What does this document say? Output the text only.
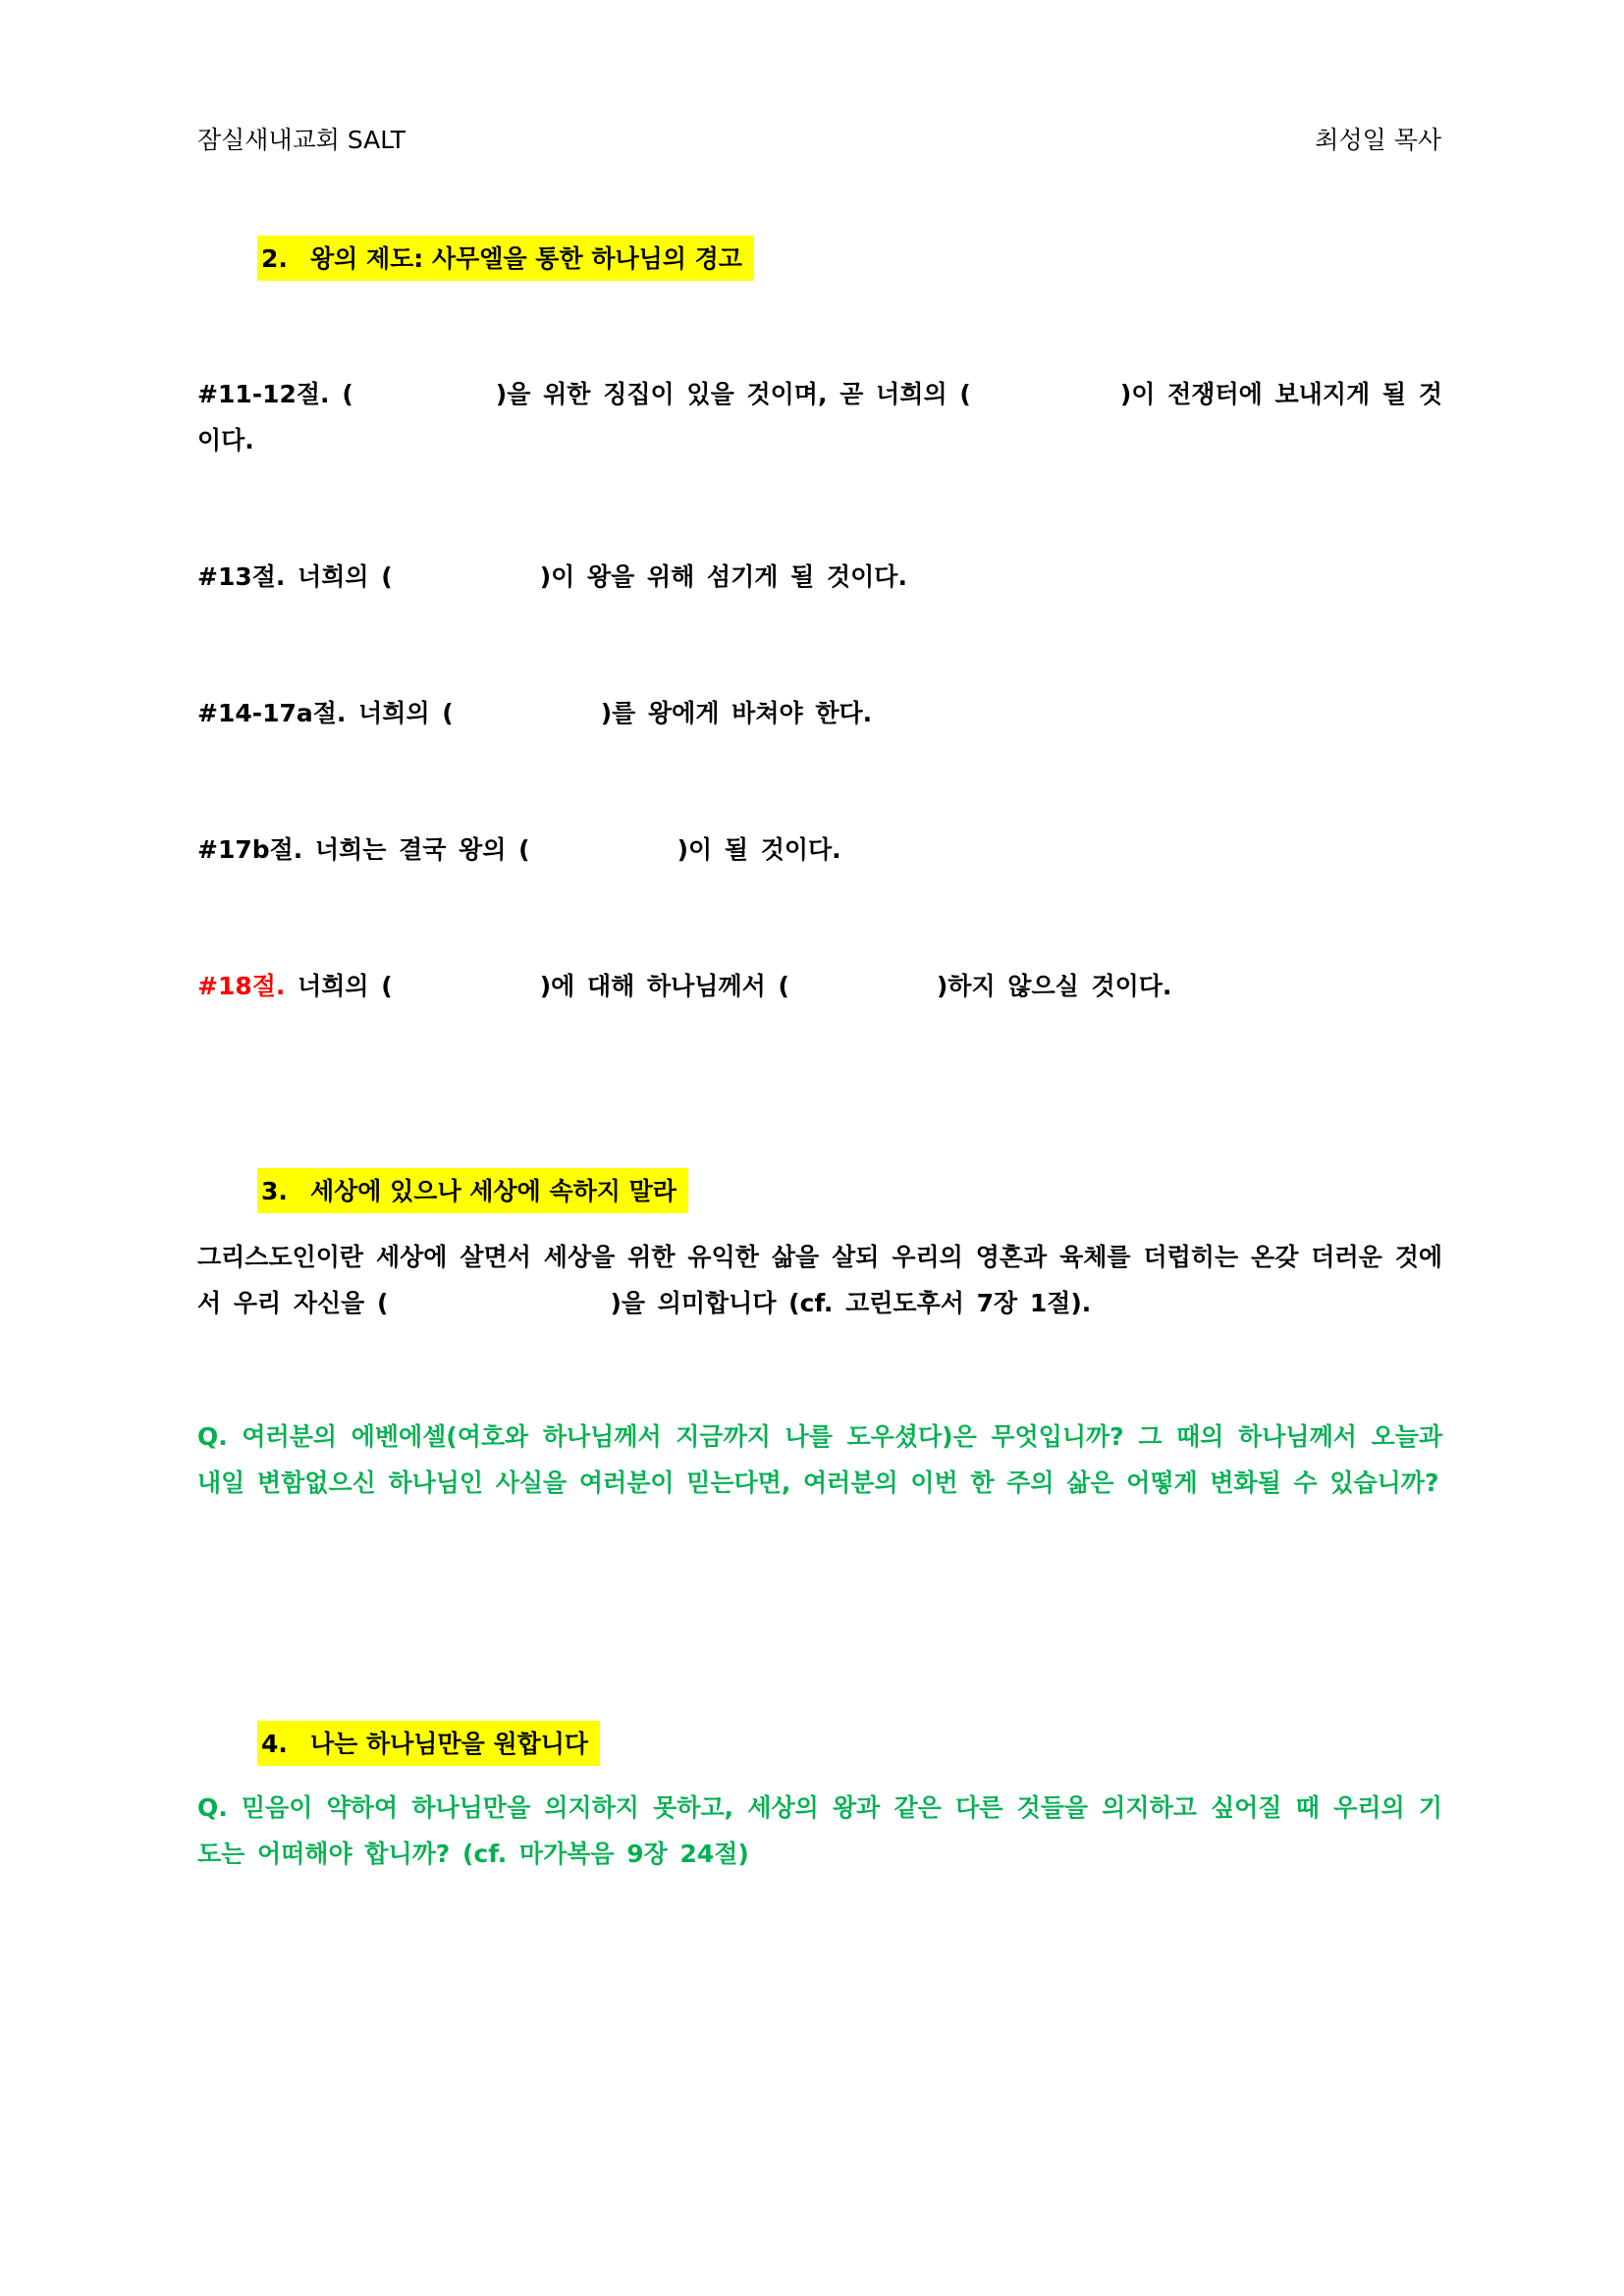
잠실새내교회 SALT	최성일 목사
2. 왕의 제도: 사무엘을 통한 하나님의 경고
#11-12절. (	)을 위한 징집이 있을 것이며, 곧 너희의 (	)이 전쟁터에 보내지게 될 것이다.
#13절. 너희의 (	)이 왕을 위해 섬기게 될 것이다.
#14-17a절. 너희의 (	)를 왕에게 바쳐야 한다.
#17b절. 너희는 결국 왕의 (	)이 될 것이다.
#18절. 너희의 (	)에 대해 하나님께서 (	)하지 않으실 것이다.
3. 세상에 있으나 세상에 속하지 말라
그리스도인이란 세상에 살면서 세상을 위한 유익한 삶을 살되 우리의 영혼과 육체를 더럽히는 온갖 더러운 것에서 우리 자신을 (	)을 의미합니다 (cf. 고린도후서 7장 1절).
Q. 여러분의 에벤에셀(여호와 하나님께서 지금까지 나를 도우셨다)은 무엇입니까? 그 때의 하나님께서 오늘과 내일 변함없으신 하나님인 사실을 여러분이 믿는다면, 여러분의 이번 한 주의 삶은 어떻게 변화될 수 있습니까?
4. 나는 하나님만을 원합니다
Q. 믿음이 약하여 하나님만을 의지하지 못하고, 세상의 왕과 같은 다른 것들을 의지하고 싶어질 때 우리의 기도는 어떠해야 합니까? (cf. 마가복음 9장 24절)
